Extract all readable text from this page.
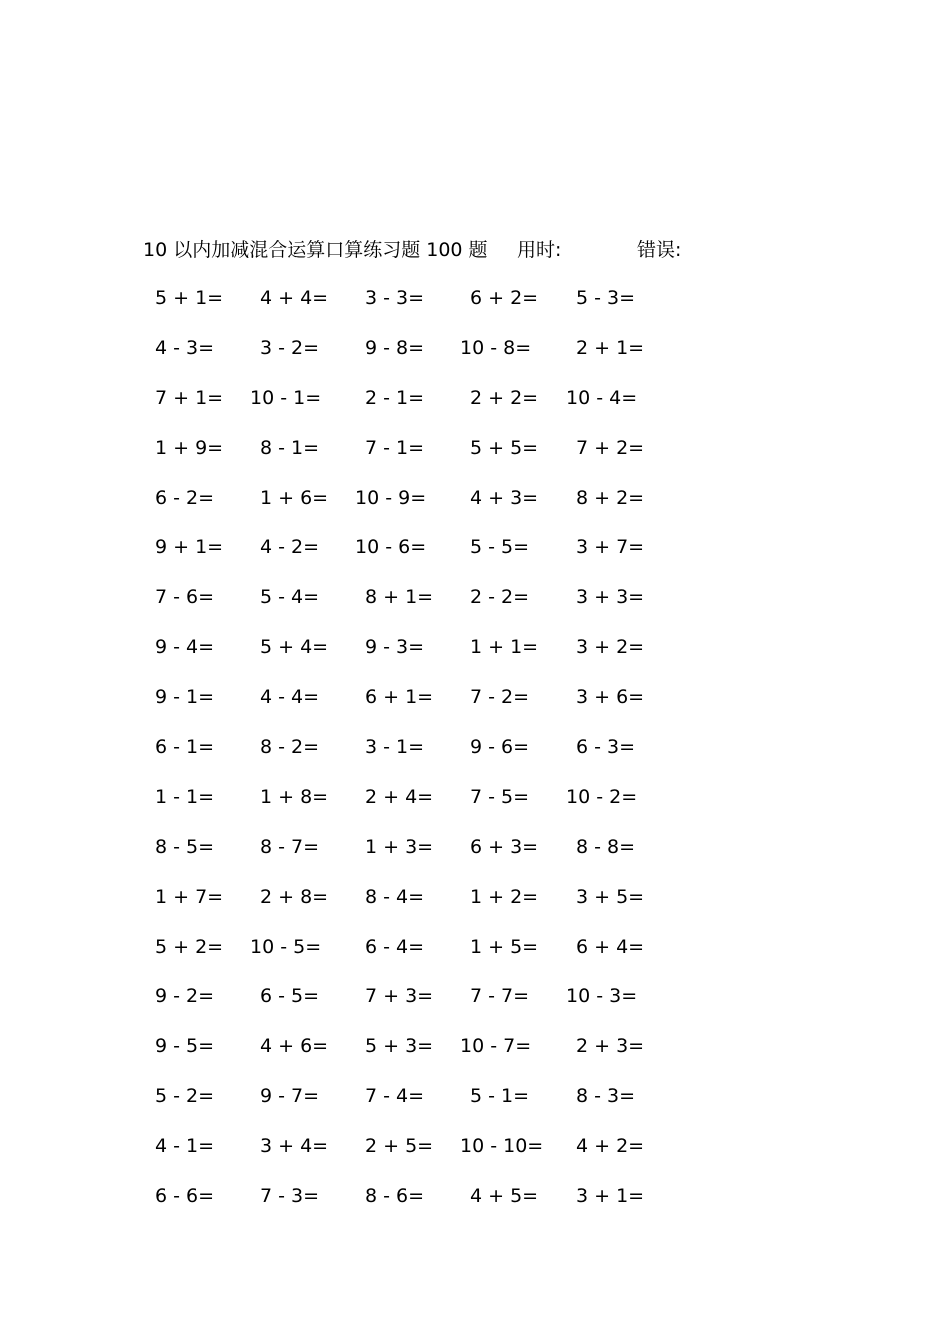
10 以内加减混合运算口算练习题 100 题 用时:	错误:
5 + 1= 4 + 4= 3 - 3= 6 + 2= 5 - 3=
4 - 3= 3 - 2= 9 - 8= 10 - 8= 2 + 1=
7 + 1= 10 - 1= 2 - 1= 2 + 2= 10 - 4=
1 + 9= 8 - 1= 7 - 1= 5 + 5= 7 + 2=
6 - 2= 1 + 6= 10 - 9= 4 + 3= 8 + 2=
9 + 1= 4 - 2= 10 - 6= 5 - 5= 3 + 7=
7 - 6= 5 - 4= 8 + 1= 2 - 2= 3 + 3=
9 - 4= 5 + 4= 9 - 3= 1 + 1= 3 + 2=
9 - 1= 4 - 4= 6 + 1= 7 - 2= 3 + 6=
6 - 1= 8 - 2= 3 - 1= 9 - 6= 6 - 3=
1 - 1= 1 + 8= 2 + 4= 7 - 5= 10 - 2=
8 - 5= 8 - 7= 1 + 3= 6 + 3= 8 - 8=
1 + 7= 2 + 8= 8 - 4= 1 + 2= 3 + 5=
5 + 2= 10 - 5= 6 - 4= 1 + 5= 6 + 4=
9 - 2= 6 - 5= 7 + 3= 7 - 7= 10 - 3=
9 - 5= 4 + 6= 5 + 3= 10 - 7= 2 + 3=
5 - 2= 9 - 7= 7 - 4= 5 - 1= 8 - 3=
4 - 1= 3 + 4= 2 + 5= 10 - 10= 4 + 2=
6 - 6= 7 - 3= 8 - 6= 4 + 5= 3 + 1=
